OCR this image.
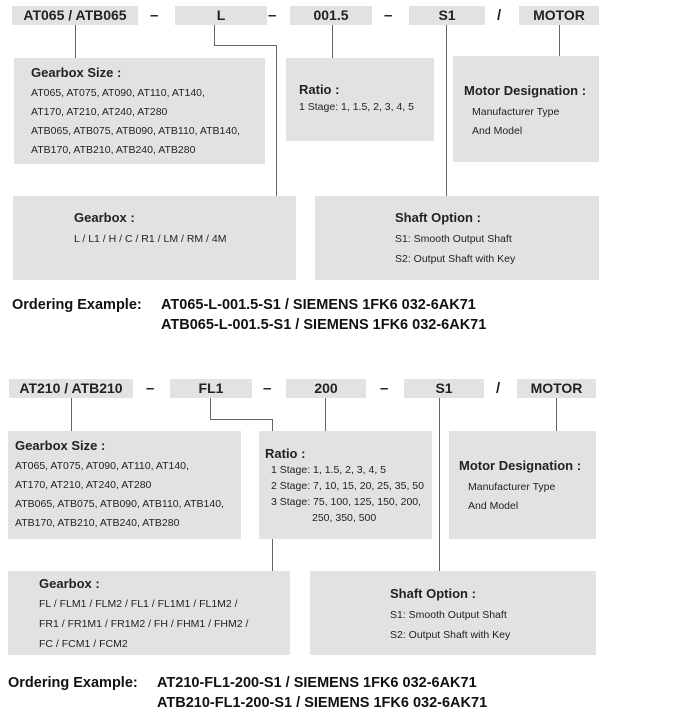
AT065 / ATB065	–	L	–	001.5	–	S1	/	MOTOR
Gearbox Size :
AT065, AT075, AT090, AT110, AT140,
AT170, AT210, AT240, AT280
ATB065, ATB075, ATB090, ATB110, ATB140,
ATB170, ATB210, ATB240, ATB280
Ratio :
1 Stage: 1, 1.5, 2, 3, 4, 5
Motor Designation :
Manufacturer Type
And Model
Gearbox :
L / L1 / H / C / R1 / LM / RM / 4M
Shaft Option :
S1: Smooth Output Shaft
S2: Output Shaft with Key
Ordering Example: AT065-L-001.5-S1 / SIEMENS 1FK6 032-6AK71
ATB065-L-001.5-S1 / SIEMENS 1FK6 032-6AK71
AT210 / ATB210	–	FL1	–	200	–	S1	/	MOTOR
Gearbox Size :
AT065, AT075, AT090, AT110, AT140,
AT170, AT210, AT240, AT280
ATB065, ATB075, ATB090, ATB110, ATB140,
ATB170, ATB210, ATB240, ATB280
Ratio :
1 Stage: 1, 1.5, 2, 3, 4, 5
2 Stage: 7, 10, 15, 20, 25, 35, 50
3 Stage: 75, 100, 125, 150, 200,
250, 350, 500
Motor Designation :
Manufacturer Type
And Model
Gearbox :
FL / FLM1 / FLM2 / FL1 / FL1M1 / FL1M2 /
FR1 / FR1M1 / FR1M2 / FH / FHM1 / FHM2 /
FC / FCM1 / FCM2
Shaft Option :
S1: Smooth Output Shaft
S2: Output Shaft with Key
Ordering Example: AT210-FL1-200-S1 / SIEMENS 1FK6 032-6AK71
ATB210-FL1-200-S1 / SIEMENS 1FK6 032-6AK71
